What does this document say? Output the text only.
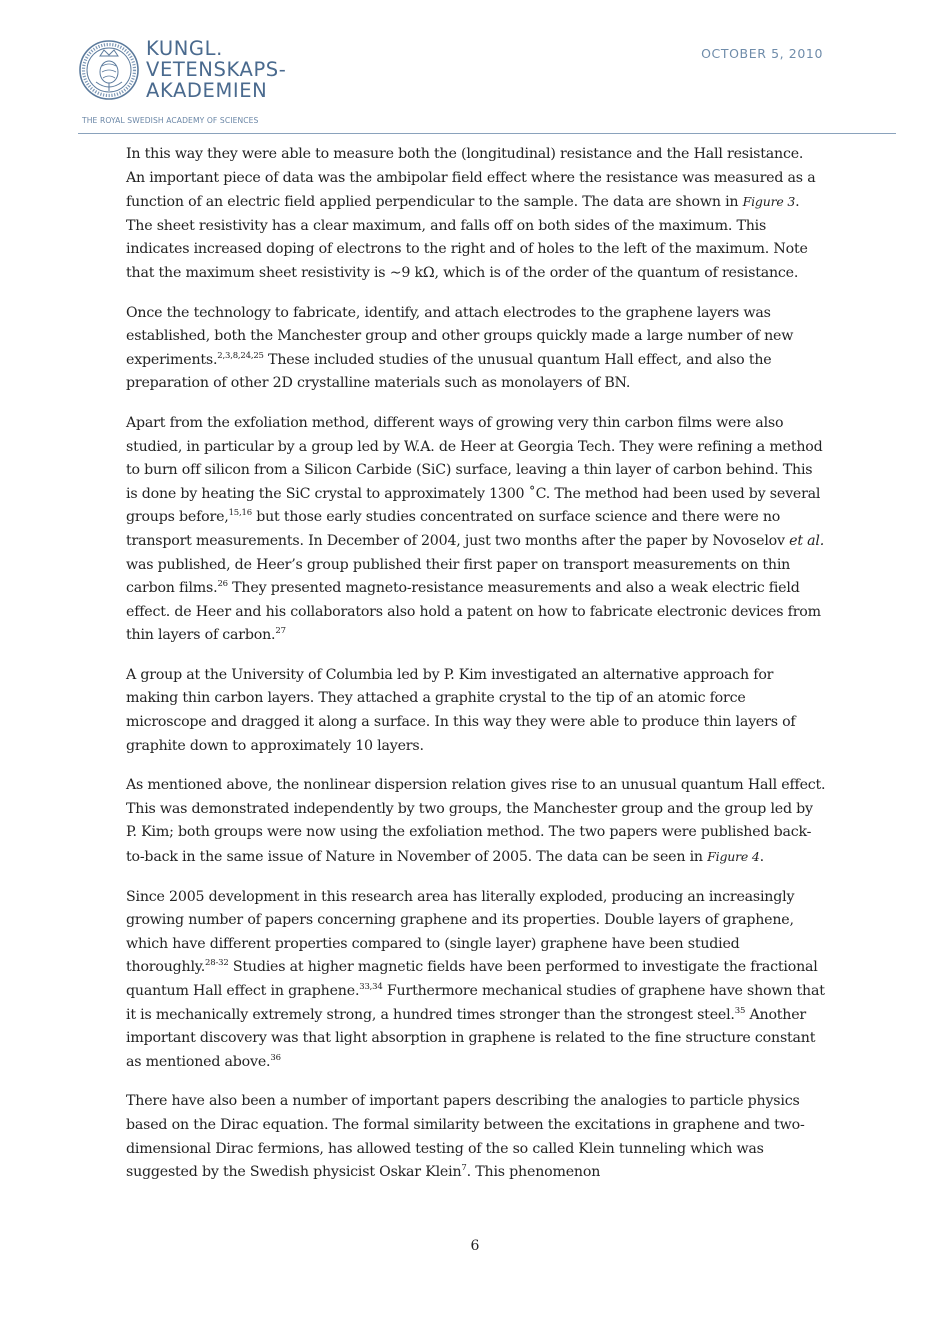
KUNGL.
VETENSKAPS-
AKADEMIEN
THE ROYAL SWEDISH ACADEMY OF SCIENCES
OCTOBER 5, 2010

In this way they were able to measure both the (longitudinal) resistance and the Hall resistance. An important piece of data was the ambipolar field effect where the resistance was measured as a function of an electric field applied perpendicular to the sample. The data are shown in Figure 3. The sheet resistivity has a clear maximum, and falls off on both sides of the maximum. This indicates increased doping of electrons to the right and of holes to the left of the maximum. Note that the maximum sheet resistivity is ∼9 kΩ, which is of the order of the quantum of resistance.

Once the technology to fabricate, identify, and attach electrodes to the graphene layers was established, both the Manchester group and other groups quickly made a large number of new experiments.$^{2,3,8,24,25}$ These included studies of the unusual quantum Hall effect, and also the preparation of other 2D crystalline materials such as monolayers of BN.

Apart from the exfoliation method, different ways of growing very thin carbon films were also studied, in particular by a group led by W.A. de Heer at Georgia Tech. They were refining a method to burn off silicon from a Silicon Carbide (SiC) surface, leaving a thin layer of carbon behind. This is done by heating the SiC crystal to approximately 1300 ˚C. The method had been used by several groups before,$^{15,16}$ but those early studies concentrated on surface science and there were no transport measurements. In December of 2004, just two months after the paper by Novoselov et al. was published, de Heer’s group published their first paper on transport measurements on thin carbon films.$^{26}$ They presented magneto-resistance measurements and also a weak electric field effect. de Heer and his collaborators also hold a patent on how to fabricate electronic devices from thin layers of carbon.$^{27}$

A group at the University of Columbia led by P. Kim investigated an alternative approach for making thin carbon layers. They attached a graphite crystal to the tip of an atomic force microscope and dragged it along a surface. In this way they were able to produce thin layers of graphite down to approximately 10 layers.

As mentioned above, the nonlinear dispersion relation gives rise to an unusual quantum Hall effect. This was demonstrated independently by two groups, the Manchester group and the group led by P. Kim; both groups were now using the exfoliation method. The two papers were published back-to-back in the same issue of Nature in November of 2005. The data can be seen in Figure 4.

Since 2005 development in this research area has literally exploded, producing an increasingly growing number of papers concerning graphene and its properties. Double layers of graphene, which have different properties compared to (single layer) graphene have been studied thoroughly.$^{28-32}$ Studies at higher magnetic fields have been performed to investigate the fractional quantum Hall effect in graphene.$^{33,34}$ Furthermore mechanical studies of graphene have shown that it is mechanically extremely strong, a hundred times stronger than the strongest steel.$^{35}$ Another important discovery was that light absorption in graphene is related to the fine structure constant as mentioned above.$^{36}$

There have also been a number of important papers describing the analogies to particle physics based on the Dirac equation. The formal similarity between the excitations in graphene and two-dimensional Dirac fermions, has allowed testing of the so called Klein tunneling which was suggested by the Swedish physicist Oskar Klein$^7$. This phenomenon

6
